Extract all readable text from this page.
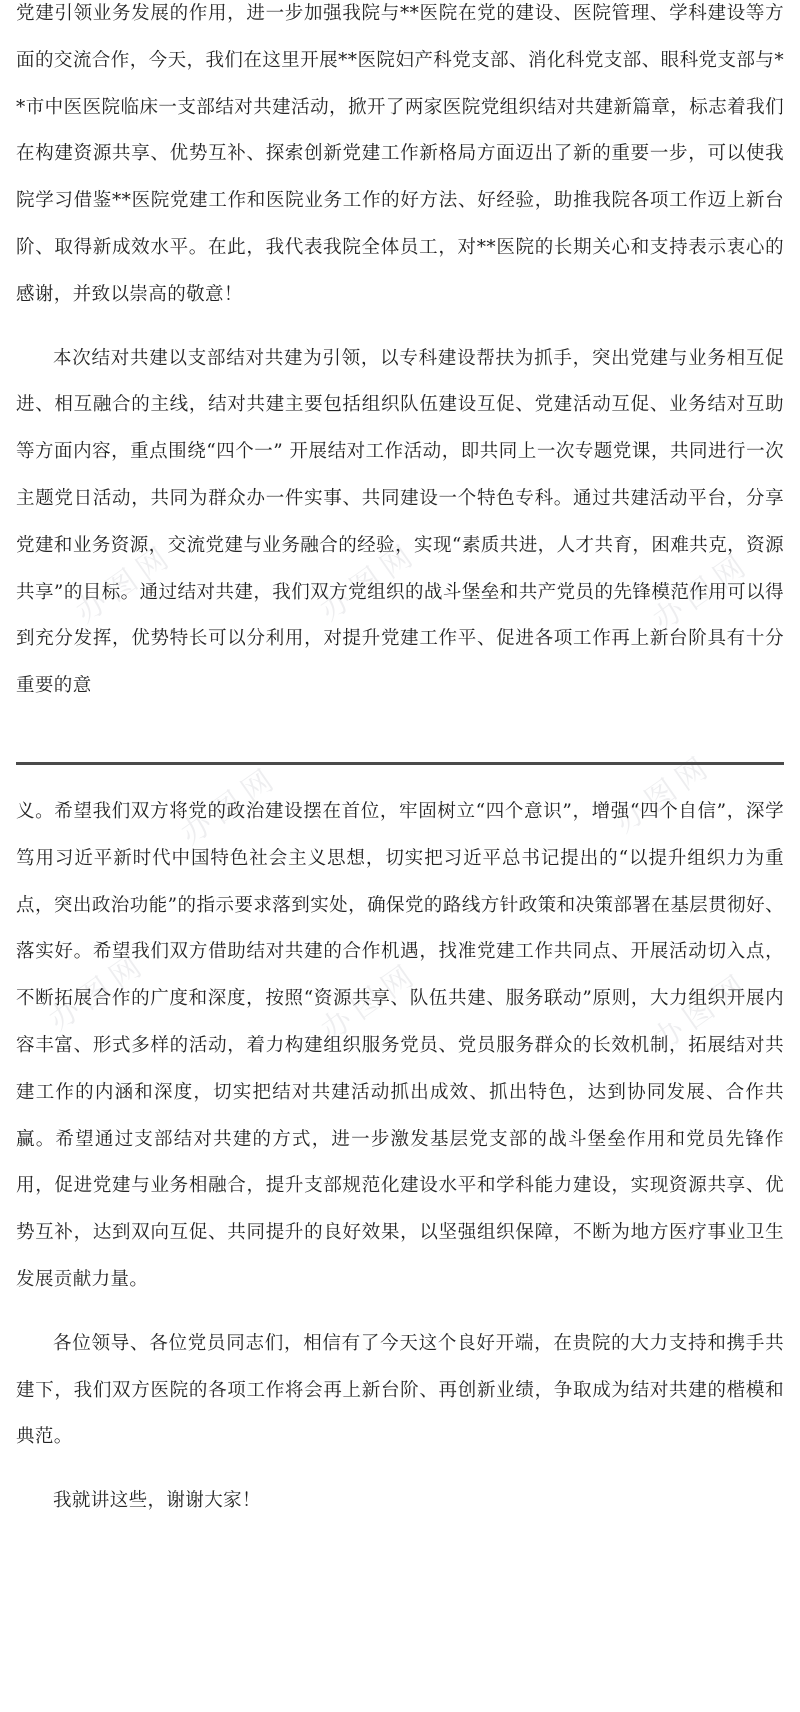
办图网	办图网	办图网
办图网	办图网
办图网	办图网	办图网

党建引领业务发展的作用，进一步加强我院与**医院在党的建设、医院管理、学科建设等方面的交流合作，今天，我们在这里开展**医院妇产科党支部、消化科党支部、眼科党支部与**市中医医院临床一支部结对共建活动，掀开了两家医院党组织结对共建新篇章，标志着我们在构建资源共享、优势互补、探索创新党建工作新格局方面迈出了新的重要一步，可以使我院学习借鉴**医院党建工作和医院业务工作的好方法、好经验，助推我院各项工作迈上新台阶、取得新成效水平。在此，我代表我院全体员工，对**医院的长期关心和支持表示衷心的感谢，并致以崇高的敬意！

本次结对共建以支部结对共建为引领，以专科建设帮扶为抓手，突出党建与业务相互促进、相互融合的主线，结对共建主要包括组织队伍建设互促、党建活动互促、业务结对互助等方面内容，重点围绕“四个一” 开展结对工作活动，即共同上一次专题党课，共同进行一次主题党日活动，共同为群众办一件实事、共同建设一个特色专科。通过共建活动平台，分享党建和业务资源，交流党建与业务融合的经验，实现“素质共进，人才共育，困难共克，资源共享”的目标。通过结对共建，我们双方党组织的战斗堡垒和共产党员的先锋模范作用可以得到充分发挥，优势特长可以分利用，对提升党建工作平、促进各项工作再上新台阶具有十分重要的意

义。希望我们双方将党的政治建设摆在首位，牢固树立“四个意识”，增强“四个自信”，深学笃用习近平新时代中国特色社会主义思想，切实把习近平总书记提出的“以提升组织力为重点，突出政治功能”的指示要求落到实处，确保党的路线方针政策和决策部署在基层贯彻好、落实好。希望我们双方借助结对共建的合作机遇，找准党建工作共同点、开展活动切入点，不断拓展合作的广度和深度，按照“资源共享、队伍共建、服务联动”原则，大力组织开展内容丰富、形式多样的活动，着力构建组织服务党员、党员服务群众的长效机制，拓展结对共建工作的内涵和深度，切实把结对共建活动抓出成效、抓出特色，达到协同发展、合作共赢。希望通过支部结对共建的方式，进一步激发基层党支部的战斗堡垒作用和党员先锋作用，促进党建与业务相融合，提升支部规范化建设水平和学科能力建设，实现资源共享、优势互补，达到双向互促、共同提升的良好效果，以坚强组织保障，不断为地方医疗事业卫生发展贡献力量。

各位领导、各位党员同志们，相信有了今天这个良好开端，在贵院的大力支持和携手共建下，我们双方医院的各项工作将会再上新台阶、再创新业绩，争取成为结对共建的楷模和典范。

我就讲这些，谢谢大家！
